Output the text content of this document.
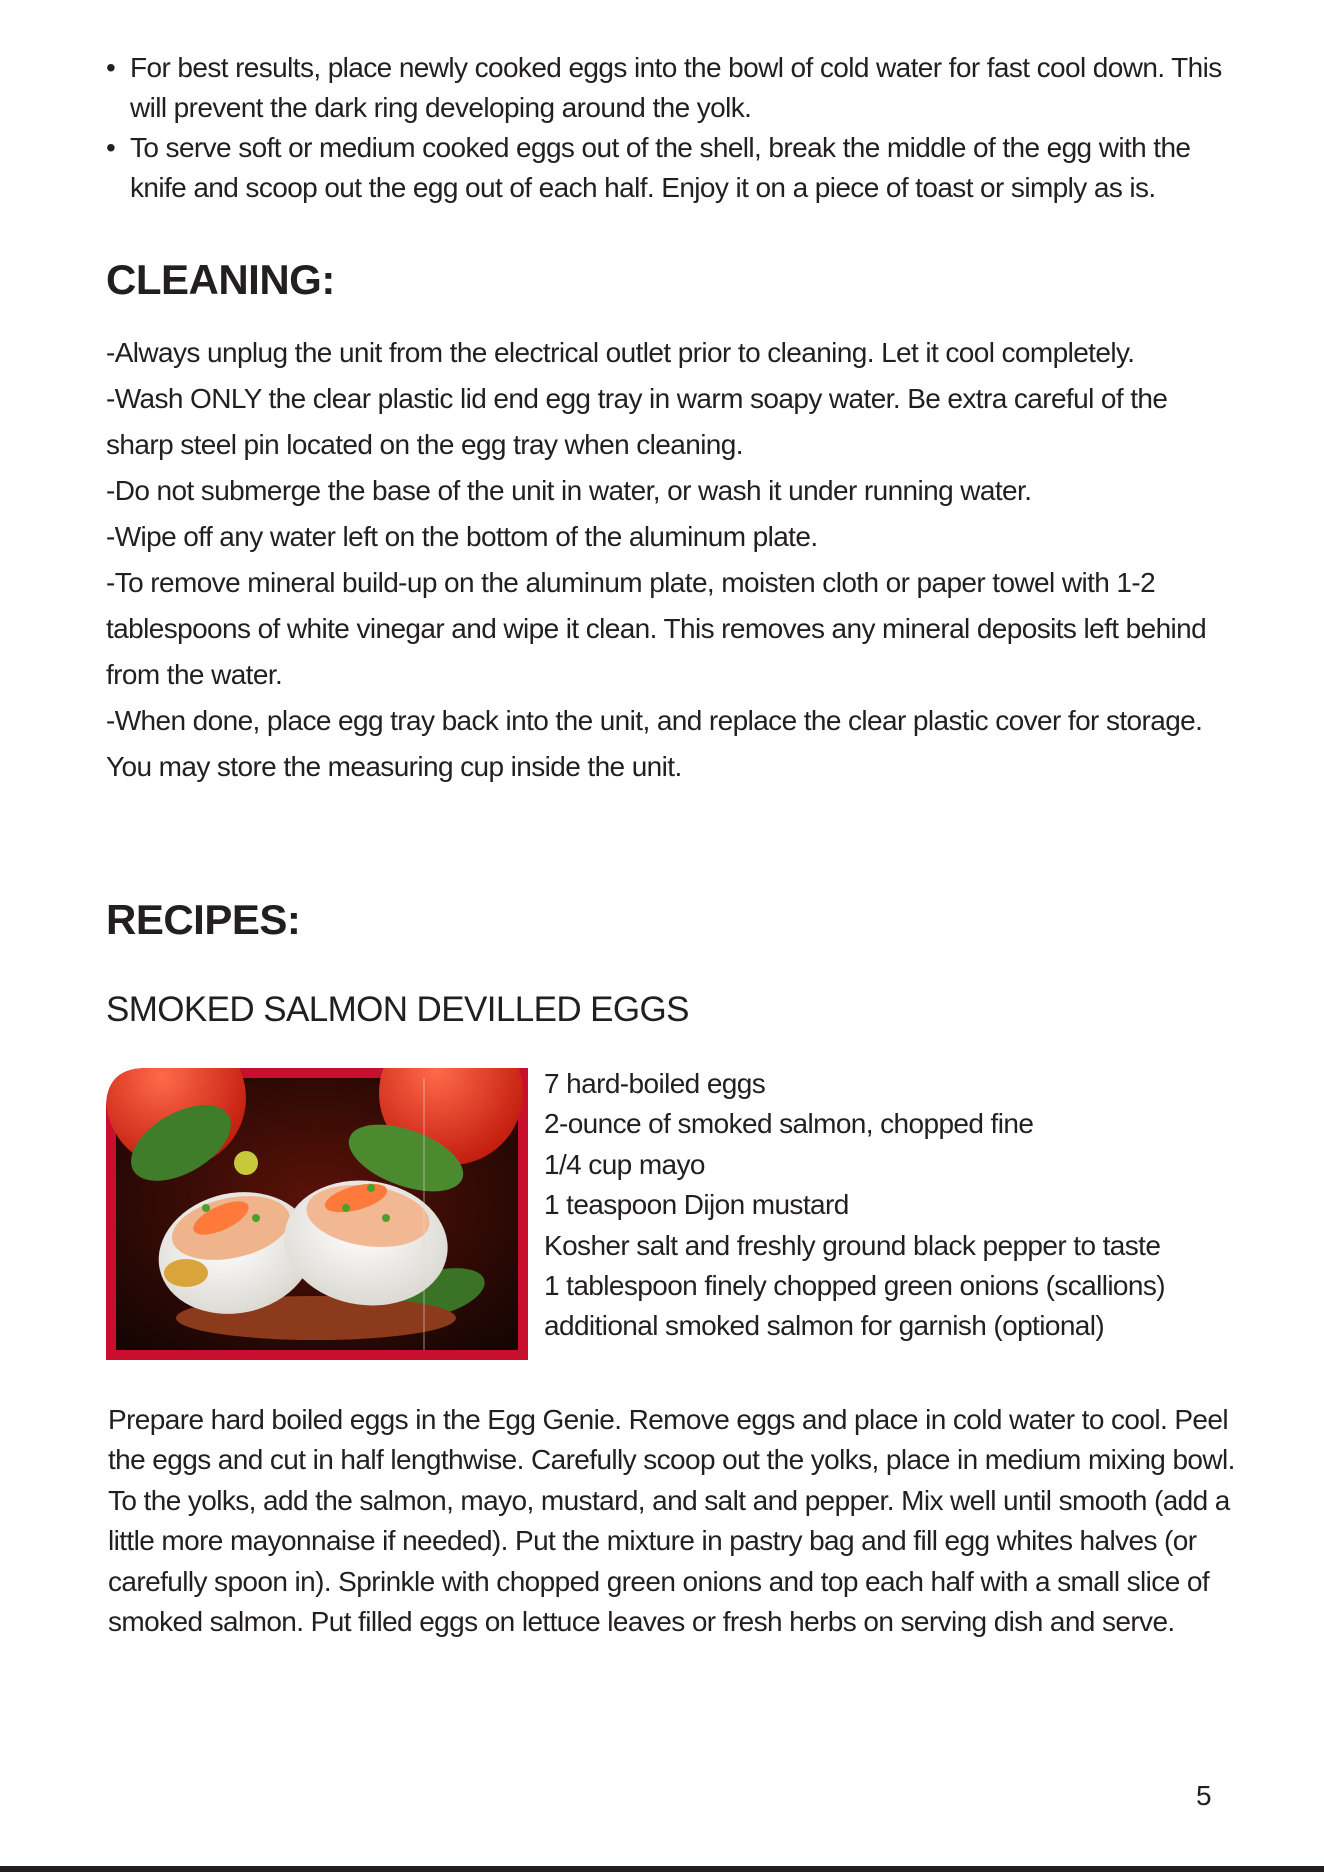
• For best results, place newly cooked eggs into the bowl of cold water for fast cool down. This will prevent the dark ring developing around the yolk.
• To serve soft or medium cooked eggs out of the shell, break the middle of the egg with the knife and scoop out the egg out of each half. Enjoy it on a piece of toast or simply as is.
CLEANING:
-Always unplug the unit from the electrical outlet prior to cleaning. Let it cool completely.
-Wash ONLY the clear plastic lid end egg tray in warm soapy water. Be extra careful of the sharp steel pin located on the egg tray when cleaning.
-Do not submerge the base of the unit in water, or wash it under running water.
-Wipe off any water left on the bottom of the aluminum plate.
-To remove mineral build-up on the aluminum plate, moisten cloth or paper towel with 1-2 tablespoons of white vinegar and wipe it clean. This removes any mineral deposits left behind from the water.
-When done, place egg tray back into the unit, and replace the clear plastic cover for storage. You may store the measuring cup inside the unit.
RECIPES:
SMOKED SALMON DEVILLED EGGS
7 hard-boiled eggs
2-ounce of smoked salmon, chopped fine
1/4 cup mayo
1 teaspoon Dijon mustard
Kosher salt and freshly ground black pepper to taste
1 tablespoon finely chopped green onions (scallions)
additional smoked salmon for garnish (optional)

Prepare hard boiled eggs in the Egg Genie. Remove eggs and place in cold water to cool. Peel the eggs and cut in half lengthwise. Carefully scoop out the yolks, place in medium mixing bowl. To the yolks, add the salmon, mayo, mustard, and salt and pepper. Mix well until smooth (add a little more mayonnaise if needed). Put the mixture in pastry bag and fill egg whites halves (or carefully spoon in). Sprinkle with chopped green onions and top each half with a small slice of smoked salmon. Put filled eggs on lettuce leaves or fresh herbs on serving dish and serve.

5
